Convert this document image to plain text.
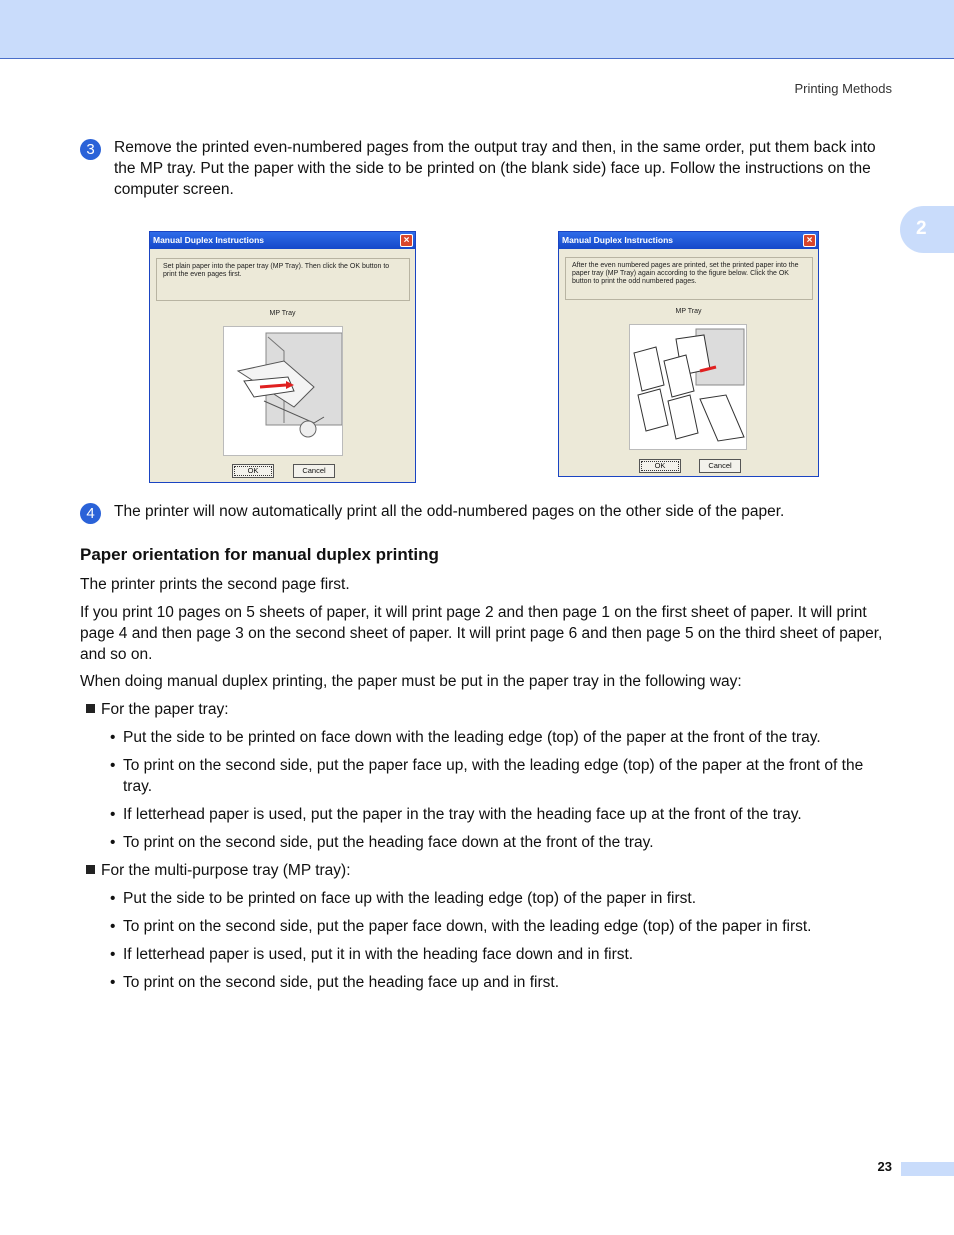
Printing Methods
2
3	Remove the printed even-numbered pages from the output tray and then, in the same order, put them back into the MP tray. Put the paper with the side to be printed on (the blank side) face up. Follow the instructions on the computer screen.
Manual Duplex Instructions	×
Set plain paper into the paper tray (MP Tray). Then click the OK button to print the even pages first.
MP Tray
OK	Cancel
Manual Duplex Instructions	×
After the even numbered pages are printed, set the printed paper into the paper tray (MP Tray) again according to the figure below. Click the OK button to print the odd numbered pages.
MP Tray
OK	Cancel
4	The printer will now automatically print all the odd-numbered pages on the other side of the paper.
Paper orientation for manual duplex printing

The printer prints the second page first.

If you print 10 pages on 5 sheets of paper, it will print page 2 and then page 1 on the first sheet of paper. It will print page 4 and then page 3 on the second sheet of paper. It will print page 6 and then page 5 on the third sheet of paper, and so on.

When doing manual duplex printing, the paper must be put in the paper tray in the following way:

For the paper tray:
• Put the side to be printed on face down with the leading edge (top) of the paper at the front of the tray.
• To print on the second side, put the paper face up, with the leading edge (top) of the paper at the front of the tray.
• If letterhead paper is used, put the paper in the tray with the heading face up at the front of the tray.
• To print on the second side, put the heading face down at the front of the tray.
For the multi-purpose tray (MP tray):
• Put the side to be printed on face up with the leading edge (top) of the paper in first.
• To print on the second side, put the paper face down, with the leading edge (top) of the paper in first.
• If letterhead paper is used, put it in with the heading face down and in first.
• To print on the second side, put the heading face up and in first.
23
